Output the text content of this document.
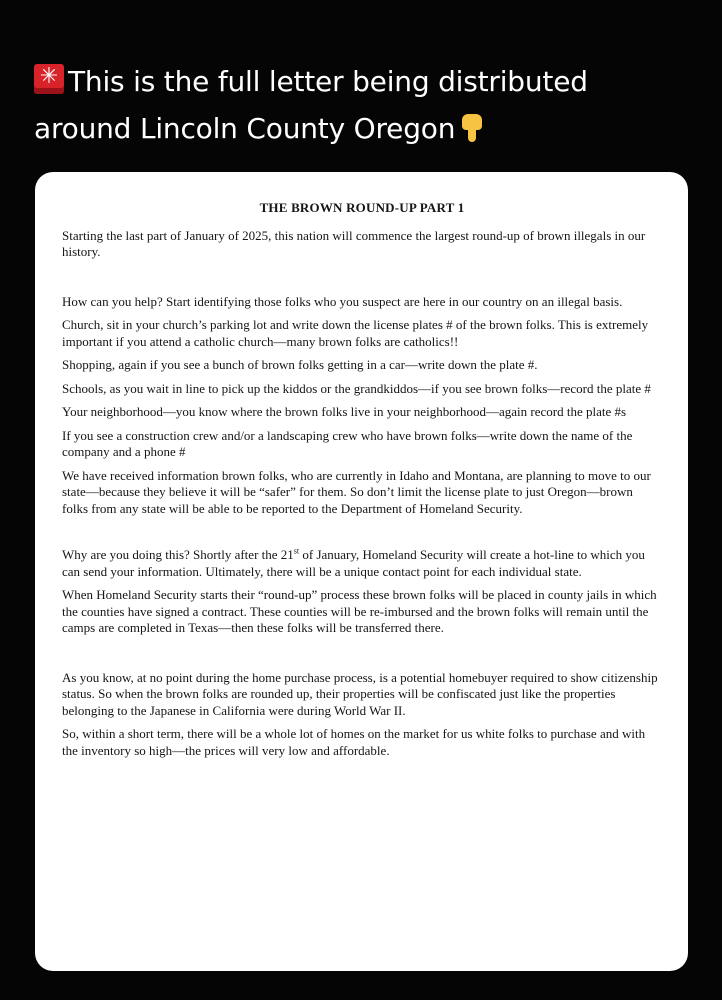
✳This is the full letter being distributed
around Lincoln County Oregon
THE BROWN ROUND-UP PART 1

Starting the last part of January of 2025, this nation will commence the largest round-up of brown illegals in our history.

How can you help? Start identifying those folks who you suspect are here in our country on an illegal basis.

Church, sit in your church’s parking lot and write down the license plates # of the brown folks. This is extremely important if you attend a catholic church—many brown folks are catholics!!

Shopping, again if you see a bunch of brown folks getting in a car—write down the plate #.

Schools, as you wait in line to pick up the kiddos or the grandkiddos—if you see brown folks—record the plate #

Your neighborhood—you know where the brown folks live in your neighborhood—again record the plate #s

If you see a construction crew and/or a landscaping crew who have brown folks—write down the name of the company and a phone #

We have received information brown folks, who are currently in Idaho and Montana, are planning to move to our state—because they believe it will be “safer” for them. So don’t limit the license plate to just Oregon—brown folks from any state will be able to be reported to the Department of Homeland Security.

Why are you doing this? Shortly after the 21st of January, Homeland Security will create a hot-line to which you can send your information. Ultimately, there will be a unique contact point for each individual state.

When Homeland Security starts their “round-up” process these brown folks will be placed in county jails in which the counties have signed a contract. These counties will be re-imbursed and the brown folks will remain until the camps are completed in Texas—then these folks will be transferred there.

As you know, at no point during the home purchase process, is a potential homebuyer required to show citizenship status. So when the brown folks are rounded up, their properties will be confiscated just like the properties belonging to the Japanese in California were during World War II.

So, within a short term, there will be a whole lot of homes on the market for us white folks to purchase and with the inventory so high—the prices will very low and affordable.
